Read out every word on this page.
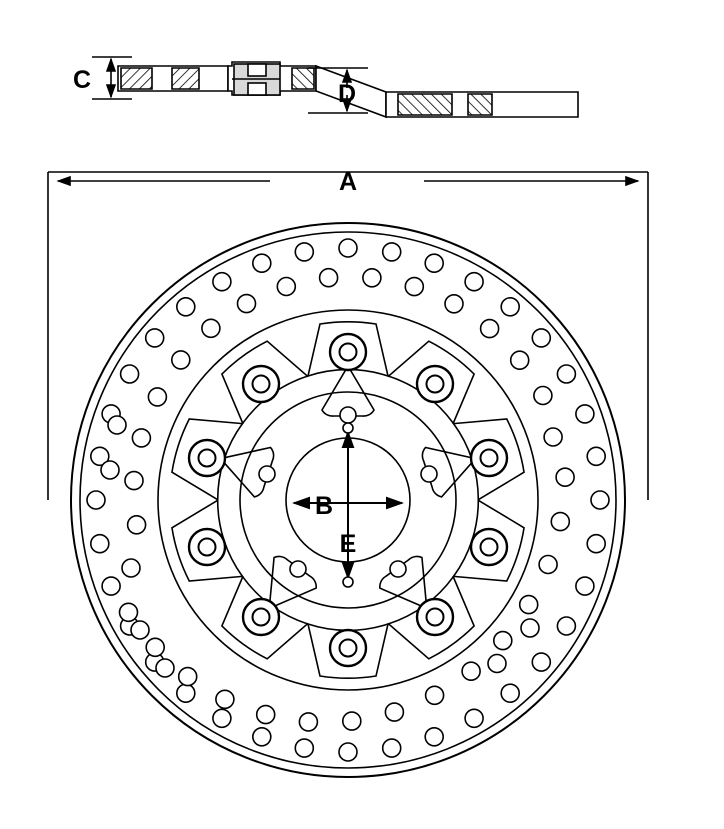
C	D
A
B
E
